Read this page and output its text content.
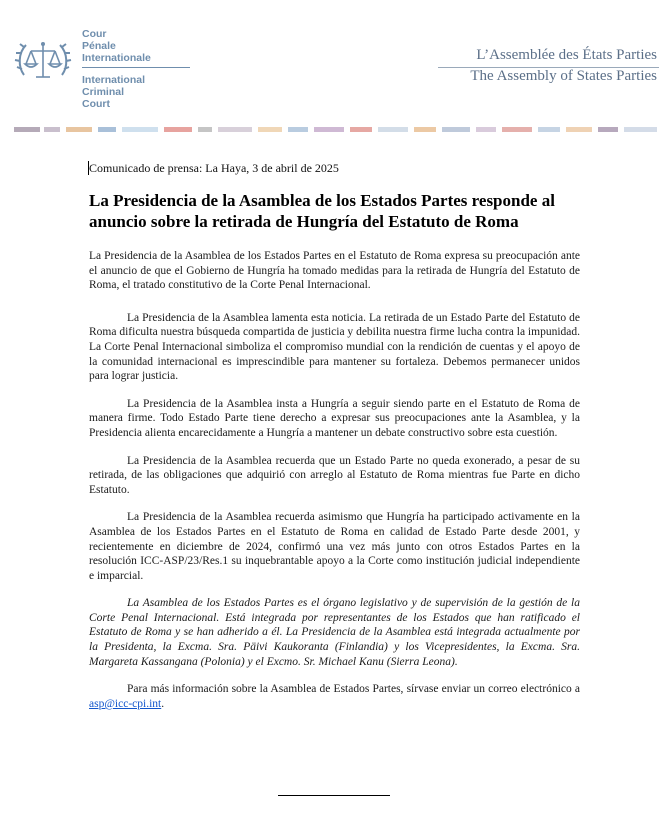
Cour
Pénale
Internationale
International
Criminal
Court
L’Assemblée des États Parties
The Assembly of States Parties
Comunicado de prensa: La Haya, 3 de abril de 2025
La Presidencia de la Asamblea de los Estados Partes responde al anuncio sobre la retirada de Hungría del Estatuto de Roma

La Presidencia de la Asamblea de los Estados Partes en el Estatuto de Roma expresa su preocupación ante el anuncio de que el Gobierno de Hungría ha tomado medidas para la retirada de Hungría del Estatuto de Roma, el tratado constitutivo de la Corte Penal Internacional.

La Presidencia de la Asamblea lamenta esta noticia. La retirada de un Estado Parte del Estatuto de Roma dificulta nuestra búsqueda compartida de justicia y debilita nuestra firme lucha contra la impunidad. La Corte Penal Internacional simboliza el compromiso mundial con la rendición de cuentas y el apoyo de la comunidad internacional es imprescindible para mantener su fortaleza. Debemos permanecer unidos para lograr justicia.

La Presidencia de la Asamblea insta a Hungría a seguir siendo parte en el Estatuto de Roma de manera firme. Todo Estado Parte tiene derecho a expresar sus preocupaciones ante la Asamblea, y la Presidencia alienta encarecidamente a Hungría a mantener un debate constructivo sobre esta cuestión.

La Presidencia de la Asamblea recuerda que un Estado Parte no queda exonerado, a pesar de su retirada, de las obligaciones que adquirió con arreglo al Estatuto de Roma mientras fue Parte en dicho Estatuto.

La Presidencia de la Asamblea recuerda asimismo que Hungría ha participado activamente en la Asamblea de los Estados Partes en el Estatuto de Roma en calidad de Estado Parte desde 2001, y recientemente en diciembre de 2024, confirmó una vez más junto con otros Estados Partes en la resolución ICC-ASP/23/Res.1 su inquebrantable apoyo a la Corte como institución judicial independiente e imparcial.

La Asamblea de los Estados Partes es el órgano legislativo y de supervisión de la gestión de la Corte Penal Internacional. Está integrada por representantes de los Estados que han ratificado el Estatuto de Roma y se han adherido a él. La Presidencia de la Asamblea está integrada actualmente por la Presidenta, la Excma. Sra. Päivi Kaukoranta (Finlandia) y los Vicepresidentes, la Excma. Sra. Margareta Kassangana (Polonia) y el Excmo. Sr. Michael Kanu (Sierra Leona).

Para más información sobre la Asamblea de Estados Partes, sírvase enviar un correo electrónico a asp@icc-cpi.int.
